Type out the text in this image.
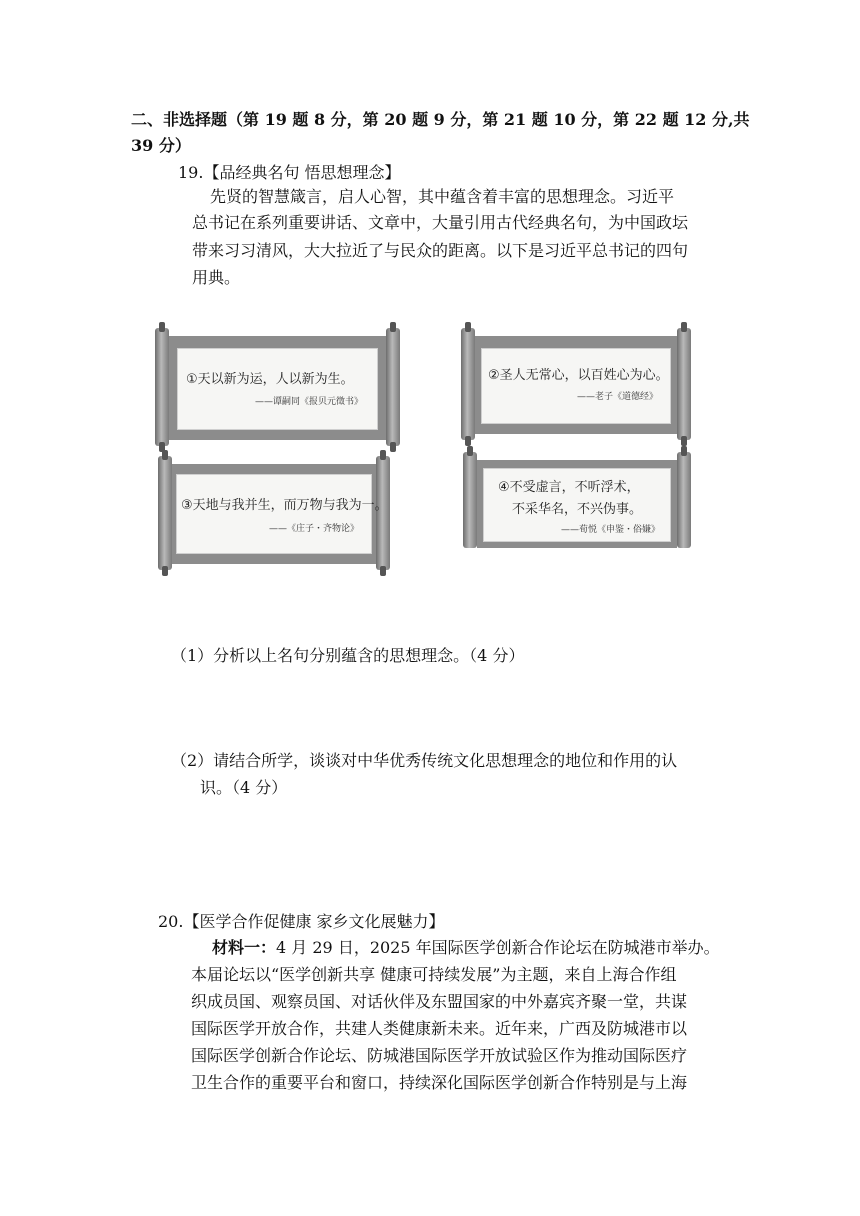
二、非选择题（第 19 题 8 分，第 20 题 9 分，第 21 题 10 分，第 22 题 12 分,共
39 分）
19.【品经典名句 悟思想理念】
先贤的智慧箴言，启人心智，其中蕴含着丰富的思想理念。习近平
总书记在系列重要讲话、文章中，大量引用古代经典名句，为中国政坛
带来习习清风，大大拉近了与民众的距离。以下是习近平总书记的四句
用典。
①天以新为运，人以新为生。
——谭嗣同《报贝元徵书》
②圣人无常心，以百姓心为心。
——老子《道德经》
③天地与我并生，而万物与我为一。
——《庄子・齐物论》
④不受虚言，不听浮术，
不采华名，不兴伪事。
——荀悦《申鉴・俗嫌》
（1）分析以上名句分别蕴含的思想理念。（4 分）
（2）请结合所学，谈谈对中华优秀传统文化思想理念的地位和作用的认
识。（4 分）
20.【医学合作促健康 家乡文化展魅力】
材料一：4 月 29 日，2025 年国际医学创新合作论坛在防城港市举办。
本届论坛以“医学创新共享 健康可持续发展”为主题，来自上海合作组
织成员国、观察员国、对话伙伴及东盟国家的中外嘉宾齐聚一堂，共谋
国际医学开放合作，共建人类健康新未来。近年来，广西及防城港市以
国际医学创新合作论坛、防城港国际医学开放试验区作为推动国际医疗
卫生合作的重要平台和窗口，持续深化国际医学创新合作特别是与上海
